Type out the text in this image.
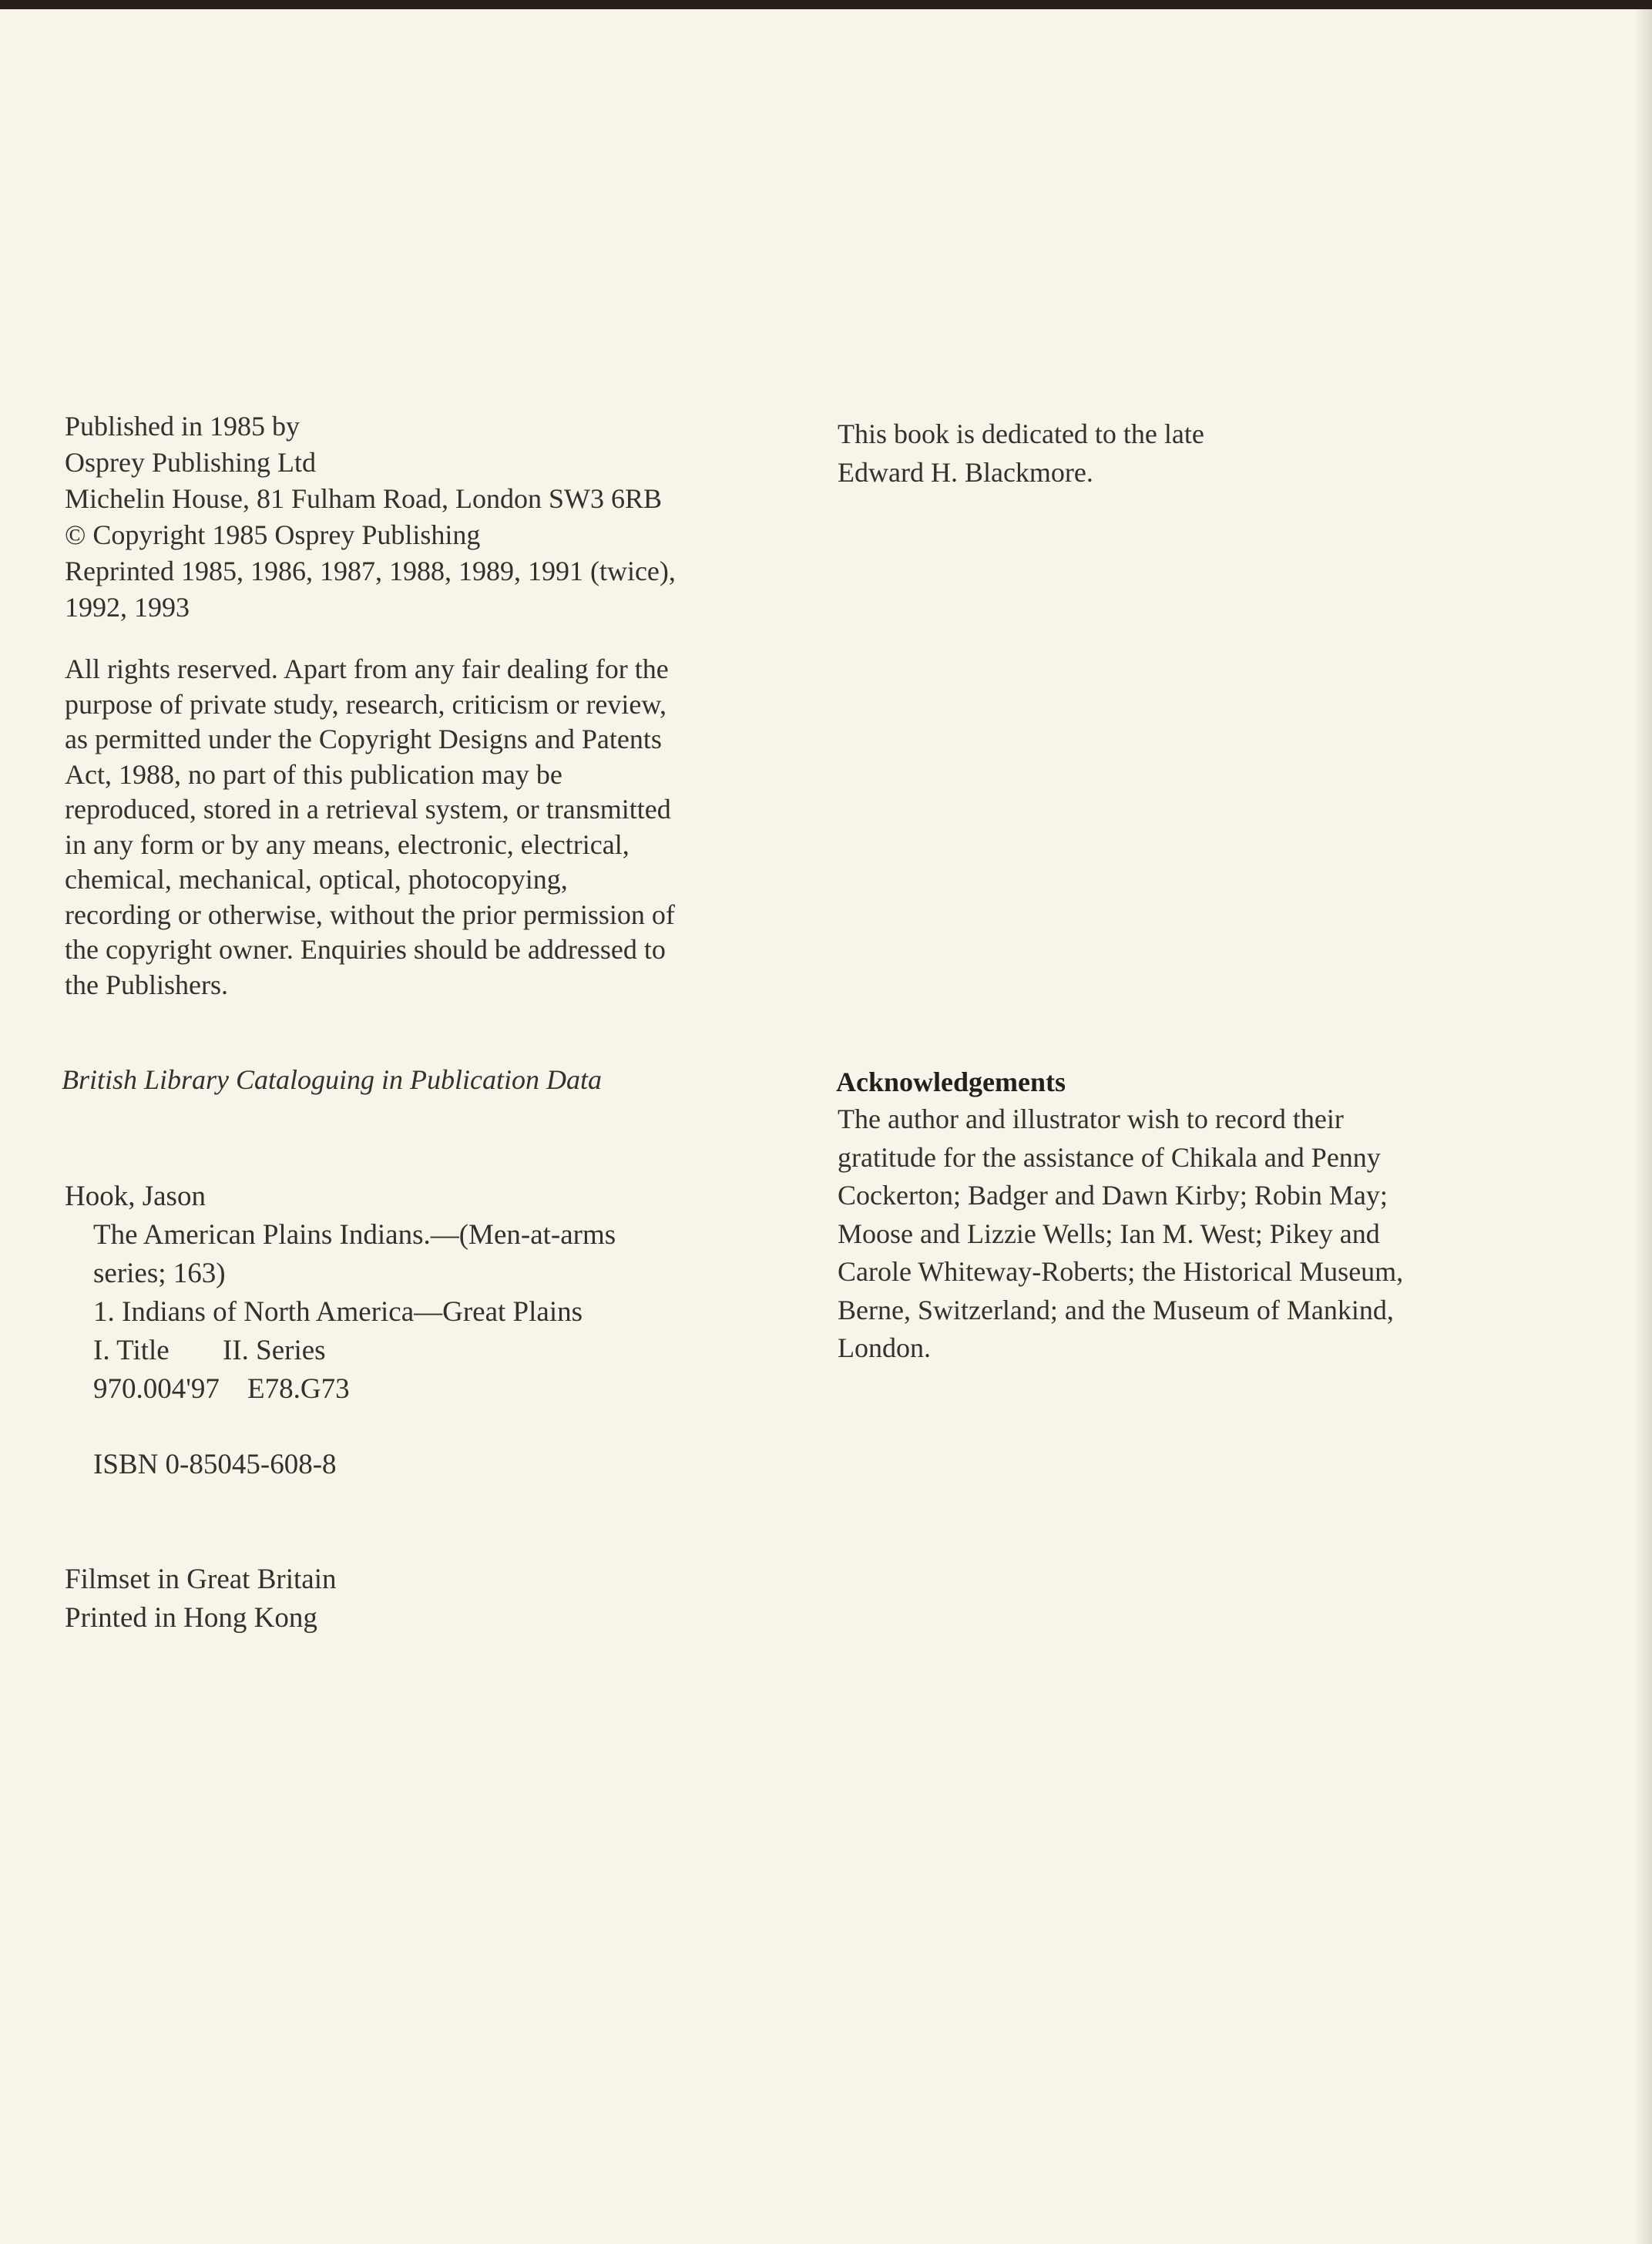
Published in 1985 by
Osprey Publishing Ltd
Michelin House, 81 Fulham Road, London SW3 6RB
© Copyright 1985 Osprey Publishing
Reprinted 1985, 1986, 1987, 1988, 1989, 1991 (twice),
1992, 1993
All rights reserved. Apart from any fair dealing for the
purpose of private study, research, criticism or review,
as permitted under the Copyright Designs and Patents
Act, 1988, no part of this publication may be
reproduced, stored in a retrieval system, or transmitted
in any form or by any means, electronic, electrical,
chemical, mechanical, optical, photocopying,
recording or otherwise, without the prior permission of
the copyright owner. Enquiries should be addressed to
the Publishers.
British Library Cataloguing in Publication Data
Hook, Jason
The American Plains Indians.—(Men-at-arms
series; 163)
1. Indians of North America—Great Plains
I. Title II. Series
970.004'97 E78.G73
ISBN 0-85045-608-8
Filmset in Great Britain
Printed in Hong Kong
This book is dedicated to the late
Edward H. Blackmore.
Acknowledgements
The author and illustrator wish to record their
gratitude for the assistance of Chikala and Penny
Cockerton; Badger and Dawn Kirby; Robin May;
Moose and Lizzie Wells; Ian M. West; Pikey and
Carole Whiteway-Roberts; the Historical Museum,
Berne, Switzerland; and the Museum of Mankind,
London.
